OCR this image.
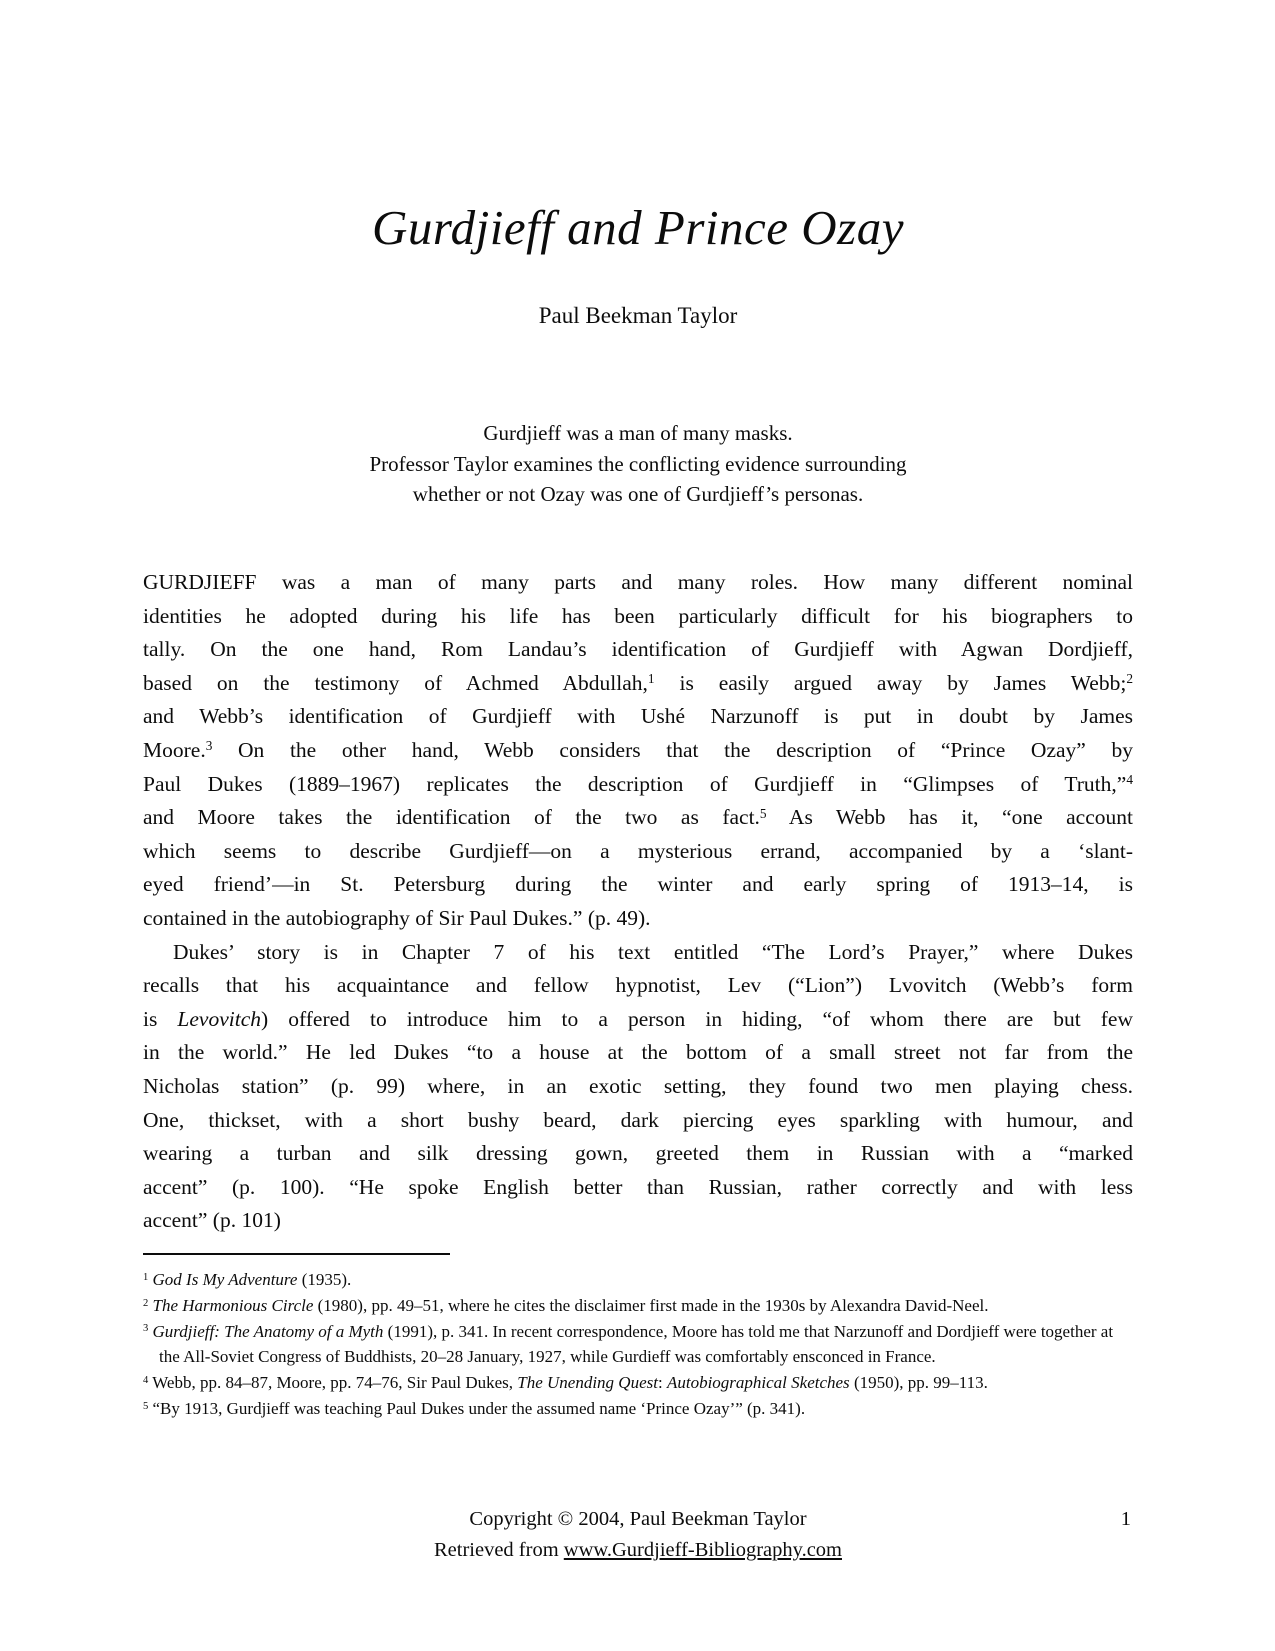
Gurdjieff and Prince Ozay
Paul Beekman Taylor
Gurdjieff was a man of many masks.
Professor Taylor examines the conflicting evidence surrounding
whether or not Ozay was one of Gurdjieff’s personas.
GURDJIEFF was a man of many parts and many roles. How many different nominal
identities he adopted during his life has been particularly difficult for his biographers to
tally. On the one hand, Rom Landau’s identification of Gurdjieff with Agwan Dordjieff,
based on the testimony of Achmed Abdullah,$^1$ is easily argued away by James Webb;$^2$
and Webb’s identification of Gurdjieff with Ushé Narzunoff is put in doubt by James
Moore.$^3$ On the other hand, Webb considers that the description of “Prince Ozay” by
Paul Dukes (1889–1967) replicates the description of Gurdjieff in “Glimpses of Truth,”$^4$
and Moore takes the identification of the two as fact.$^5$ As Webb has it, “one account
which seems to describe Gurdjieff—on a mysterious errand, accompanied by a ‘slant-
eyed friend’—in St. Petersburg during the winter and early spring of 1913–14, is
contained in the autobiography of Sir Paul Dukes.” (p. 49).
Dukes’ story is in Chapter 7 of his text entitled “The Lord’s Prayer,” where Dukes
recalls that his acquaintance and fellow hypnotist, Lev (“Lion”) Lvovitch (Webb’s form
is Levovitch) offered to introduce him to a person in hiding, “of whom there are but few
in the world.” He led Dukes “to a house at the bottom of a small street not far from the
Nicholas station” (p. 99) where, in an exotic setting, they found two men playing chess.
One, thickset, with a short bushy beard, dark piercing eyes sparkling with humour, and
wearing a turban and silk dressing gown, greeted them in Russian with a “marked
accent” (p. 100). “He spoke English better than Russian, rather correctly and with less
accent” (p. 101)
$^1$ God Is My Adventure (1935).
$^2$ The Harmonious Circle (1980), pp. 49–51, where he cites the disclaimer first made in the 1930s by Alexandra David-Neel.
$^3$ Gurdjieff: The Anatomy of a Myth (1991), p. 341. In recent correspondence, Moore has told me that Narzunoff and Dordjieff were together at the All-Soviet Congress of Buddhists, 20–28 January, 1927, while Gurdieff was comfortably ensconced in France.
$^4$ Webb, pp. 84–87, Moore, pp. 74–76, Sir Paul Dukes, The Unending Quest: Autobiographical Sketches (1950), pp. 99–113.
$^5$ “By 1913, Gurdjieff was teaching Paul Dukes under the assumed name ‘Prince Ozay’” (p. 341).
Copyright © 2004, Paul Beekman Taylor
Retrieved from www.Gurdjieff-Bibliography.com
1
